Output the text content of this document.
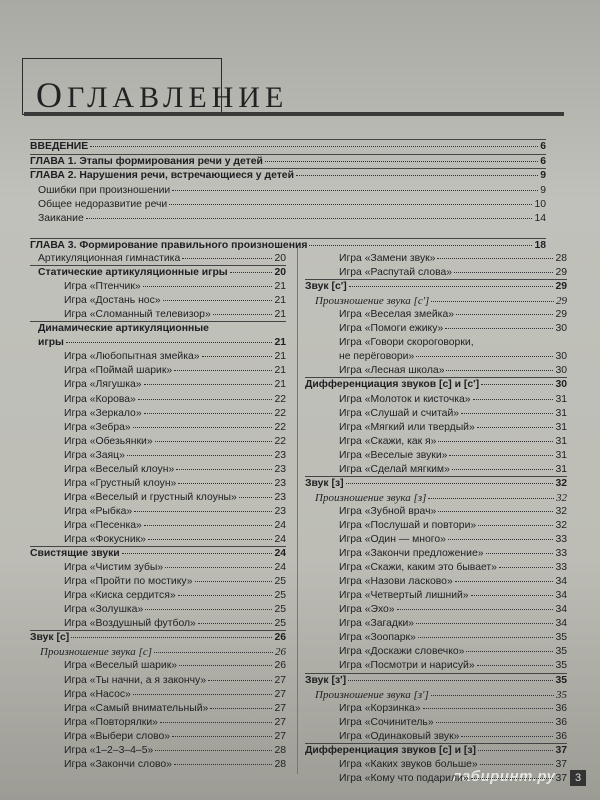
ОГЛАВЛЕНИЕ
лабиринт.ру	3
ВВЕДЕНИЕ	6
ГЛАВА 1. Этапы формирования речи у детей	6
ГЛАВА 2. Нарушения речи, встречающиеся у детей	9
Ошибки при произношении	9
Общее недоразвитие речи	10
Заикание	14
ГЛАВА 3. Формирование правильного произношения	18
Артикуляционная гимнастика	20
Статические артикуляционные игры	20
Игра «Птенчик»	21
Игра «Достань нос»	21
Игра «Сломанный телевизор»	21
Динамические артикуляционные
игры	21
Игра «Любопытная змейка»	21
Игра «Поймай шарик»	21
Игра «Лягушка»	21
Игра «Корова»	22
Игра «Зеркало»	22
Игра «Зебра»	22
Игра «Обезьянки»	22
Игра «Заяц»	23
Игра «Веселый клоун»	23
Игра «Грустный клоун»	23
Игра «Веселый и грустный клоуны»	23
Игра «Рыбка»	23
Игра «Песенка»	24
Игра «Фокусник»	24
Свистящие звуки	24
Игра «Чистим зубы»	24
Игра «Пройти по мостику»	25
Игра «Киска сердится»	25
Игра «Золушка»	25
Игра «Воздушный футбол»	25
Звук [с]	26
Произношение звука [с]	26
Игра «Веселый шарик»	26
Игра «Ты начни, а я закончу»	27
Игра «Насос»	27
Игра «Самый внимательный»	27
Игра «Повторялки»	27
Игра «Выбери слово»	27
Игра «1–2–3–4–5»	28
Игра «Закончи слово»	28
Игра «Замени звук»	28
Игра «Распутай слова»	29
Звук [с']	29
Произношение звука [с']	29
Игра «Веселая змейка»	29
Игра «Помоги ежику»	30
Игра «Говори скороговорки,
не перёговори»	30
Игра «Лесная школа»	30
Дифференциация звуков [с] и [с']	30
Игра «Молоток и кисточка»	31
Игра «Слушай и считай»	31
Игра «Мягкий или твердый»	31
Игра «Скажи, как я»	31
Игра «Веселые звуки»	31
Игра «Сделай мягким»	31
Звук [з]	32
Произношение звука [з]	32
Игра «Зубной врач»	32
Игра «Послушай и повтори»	32
Игра «Один — много»	33
Игра «Закончи предложение»	33
Игра «Скажи, каким это бывает»	33
Игра «Назови ласково»	34
Игра «Четвертый лишний»	34
Игра «Эхо»	34
Игра «Загадки»	34
Игра «Зоопарк»	35
Игра «Доскажи словечко»	35
Игра «Посмотри и нарисуй»	35
Звук [з']	35
Произношение звука [з']	35
Игра «Корзинка»	36
Игра «Сочинитель»	36
Игра «Одинаковый звук»	36
Дифференциация звуков [с] и [з]	37
Игра «Каких звуков больше»	37
Игра «Кому что подарили»	37
